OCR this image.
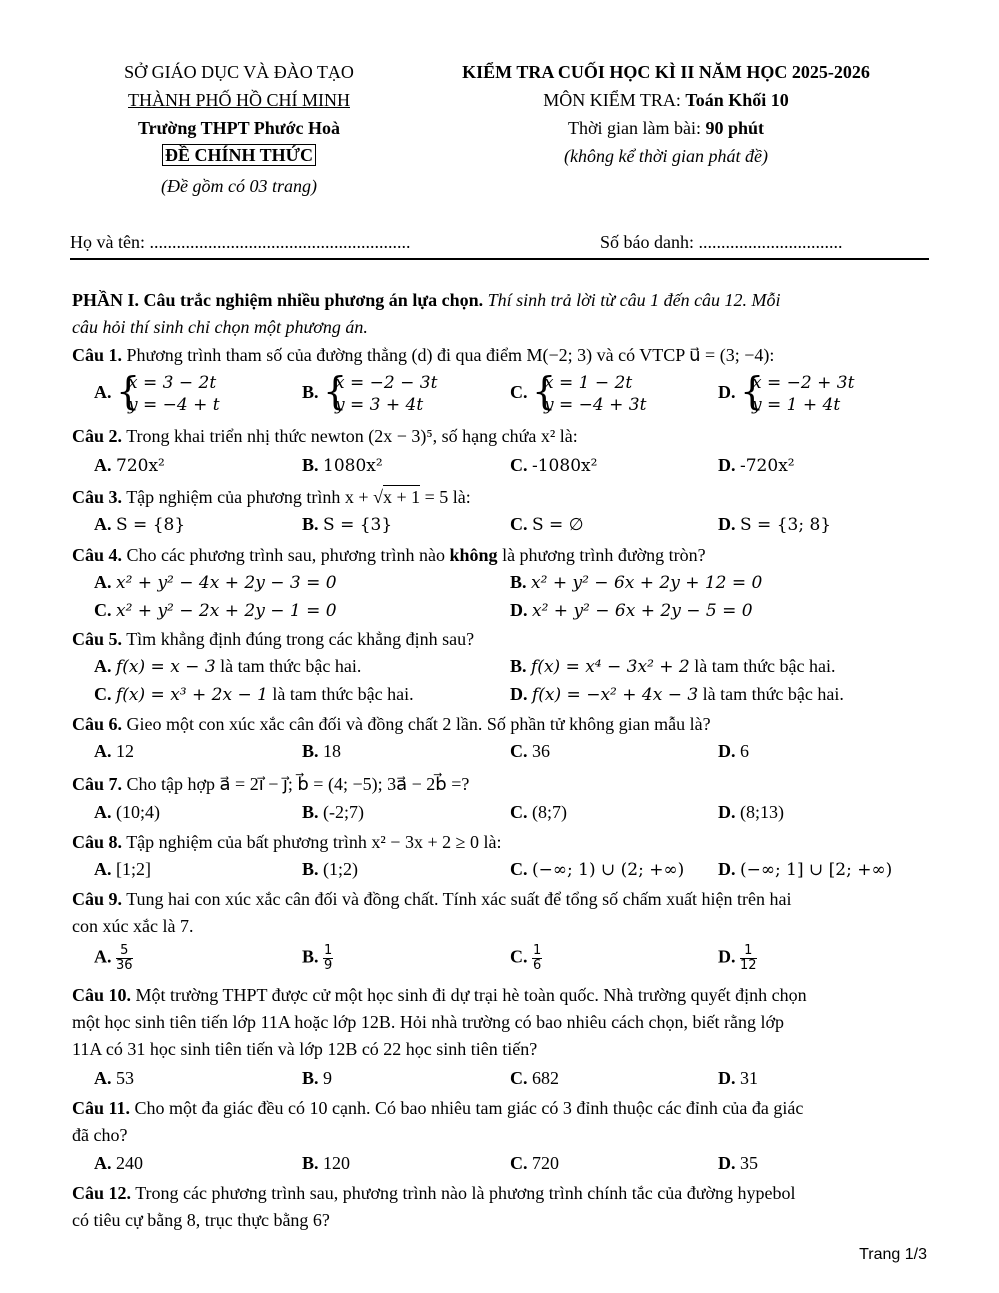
SỞ GIÁO DỤC VÀ ĐÀO TẠO
THÀNH PHỐ HỒ CHÍ MINH
Trường THPT Phước Hoà
ĐỀ CHÍNH THỨC
(Đề gồm có 03 trang)
KIỂM TRA CUỐI HỌC KÌ II NĂM HỌC 2025-2026
MÔN KIỂM TRA: Toán Khối 10
Thời gian làm bài: 90 phút
(không kể thời gian phát đề)
Họ và tên: ..........................................................	Số báo danh: ................................
PHẦN I. Câu trắc nghiệm nhiều phương án lựa chọn. Thí sinh trả lời từ câu 1 đến câu 12. Mỗi
câu hỏi thí sinh chỉ chọn một phương án.
Câu 1. Phương trình tham số của đường thẳng (d) đi qua điểm M(−2; 3) và có VTCP u⃗ = (3; −4):
A. {
x = 3 − 2t
y = −4 + t
B. {
x = −2 − 3t
y = 3 + 4t
C. {
x = 1 − 2t
y = −4 + 3t
D. {
x = −2 + 3t
y = 1 + 4t
Câu 2. Trong khai triển nhị thức newton (2x − 3)⁵, số hạng chứa x² là:
A. 720x²	B. 1080x²	C. -1080x²	D. -720x²
Câu 3. Tập nghiệm của phương trình x + √x + 1 = 5 là:
A. S = {8}	B. S = {3}	C. S = ∅	D. S = {3; 8}
Câu 4. Cho các phương trình sau, phương trình nào không là phương trình đường tròn?
A. x² + y² − 4x + 2y − 3 = 0	B. x² + y² − 6x + 2y + 12 = 0
C. x² + y² − 2x + 2y − 1 = 0	D. x² + y² − 6x + 2y − 5 = 0
Câu 5. Tìm khẳng định đúng trong các khẳng định sau?
A. f(x) = x − 3 là tam thức bậc hai.	B. f(x) = x⁴ − 3x² + 2 là tam thức bậc hai.
C. f(x) = x³ + 2x − 1 là tam thức bậc hai.	D. f(x) = −x² + 4x − 3 là tam thức bậc hai.
Câu 6. Gieo một con xúc xắc cân đối và đồng chất 2 lần. Số phần tử không gian mẫu là?
A. 12	B. 18	C. 36	D. 6
Câu 7. Cho tập hợp a⃗ = 2i⃗ − j⃗; b⃗ = (4; −5); 3a⃗ − 2b⃗ =?
A. (10;4)	B. (-2;7)	C. (8;7)	D. (8;13)
Câu 8. Tập nghiệm của bất phương trình x² − 3x + 2 ≥ 0 là:
A. [1;2]	B. (1;2)	C. (−∞; 1) ∪ (2; +∞) D. (−∞; 1] ∪ [2; +∞)
Câu 9. Tung hai con xúc xắc cân đối và đồng chất. Tính xác suất để tổng số chấm xuất hiện trên hai
con xúc xắc là 7.
A. $\frac{5}{36}$	B. $\frac{1}{9}$	C. $\frac{1}{6}$	D. $\frac{1}{12}$
Câu 10. Một trường THPT được cử một học sinh đi dự trại hè toàn quốc. Nhà trường quyết định chọn
một học sinh tiên tiến lớp 11A hoặc lớp 12B. Hỏi nhà trường có bao nhiêu cách chọn, biết rằng lớp
11A có 31 học sinh tiên tiến và lớp 12B có 22 học sinh tiên tiến?
A. 53	B. 9	C. 682	D. 31
Câu 11. Cho một đa giác đều có 10 cạnh. Có bao nhiêu tam giác có 3 đỉnh thuộc các đỉnh của đa giác
đã cho?
A. 240	B. 120	C. 720	D. 35
Câu 12. Trong các phương trình sau, phương trình nào là phương trình chính tắc của đường hypebol
có tiêu cự bằng 8, trục thực bằng 6?
Trang 1/3
